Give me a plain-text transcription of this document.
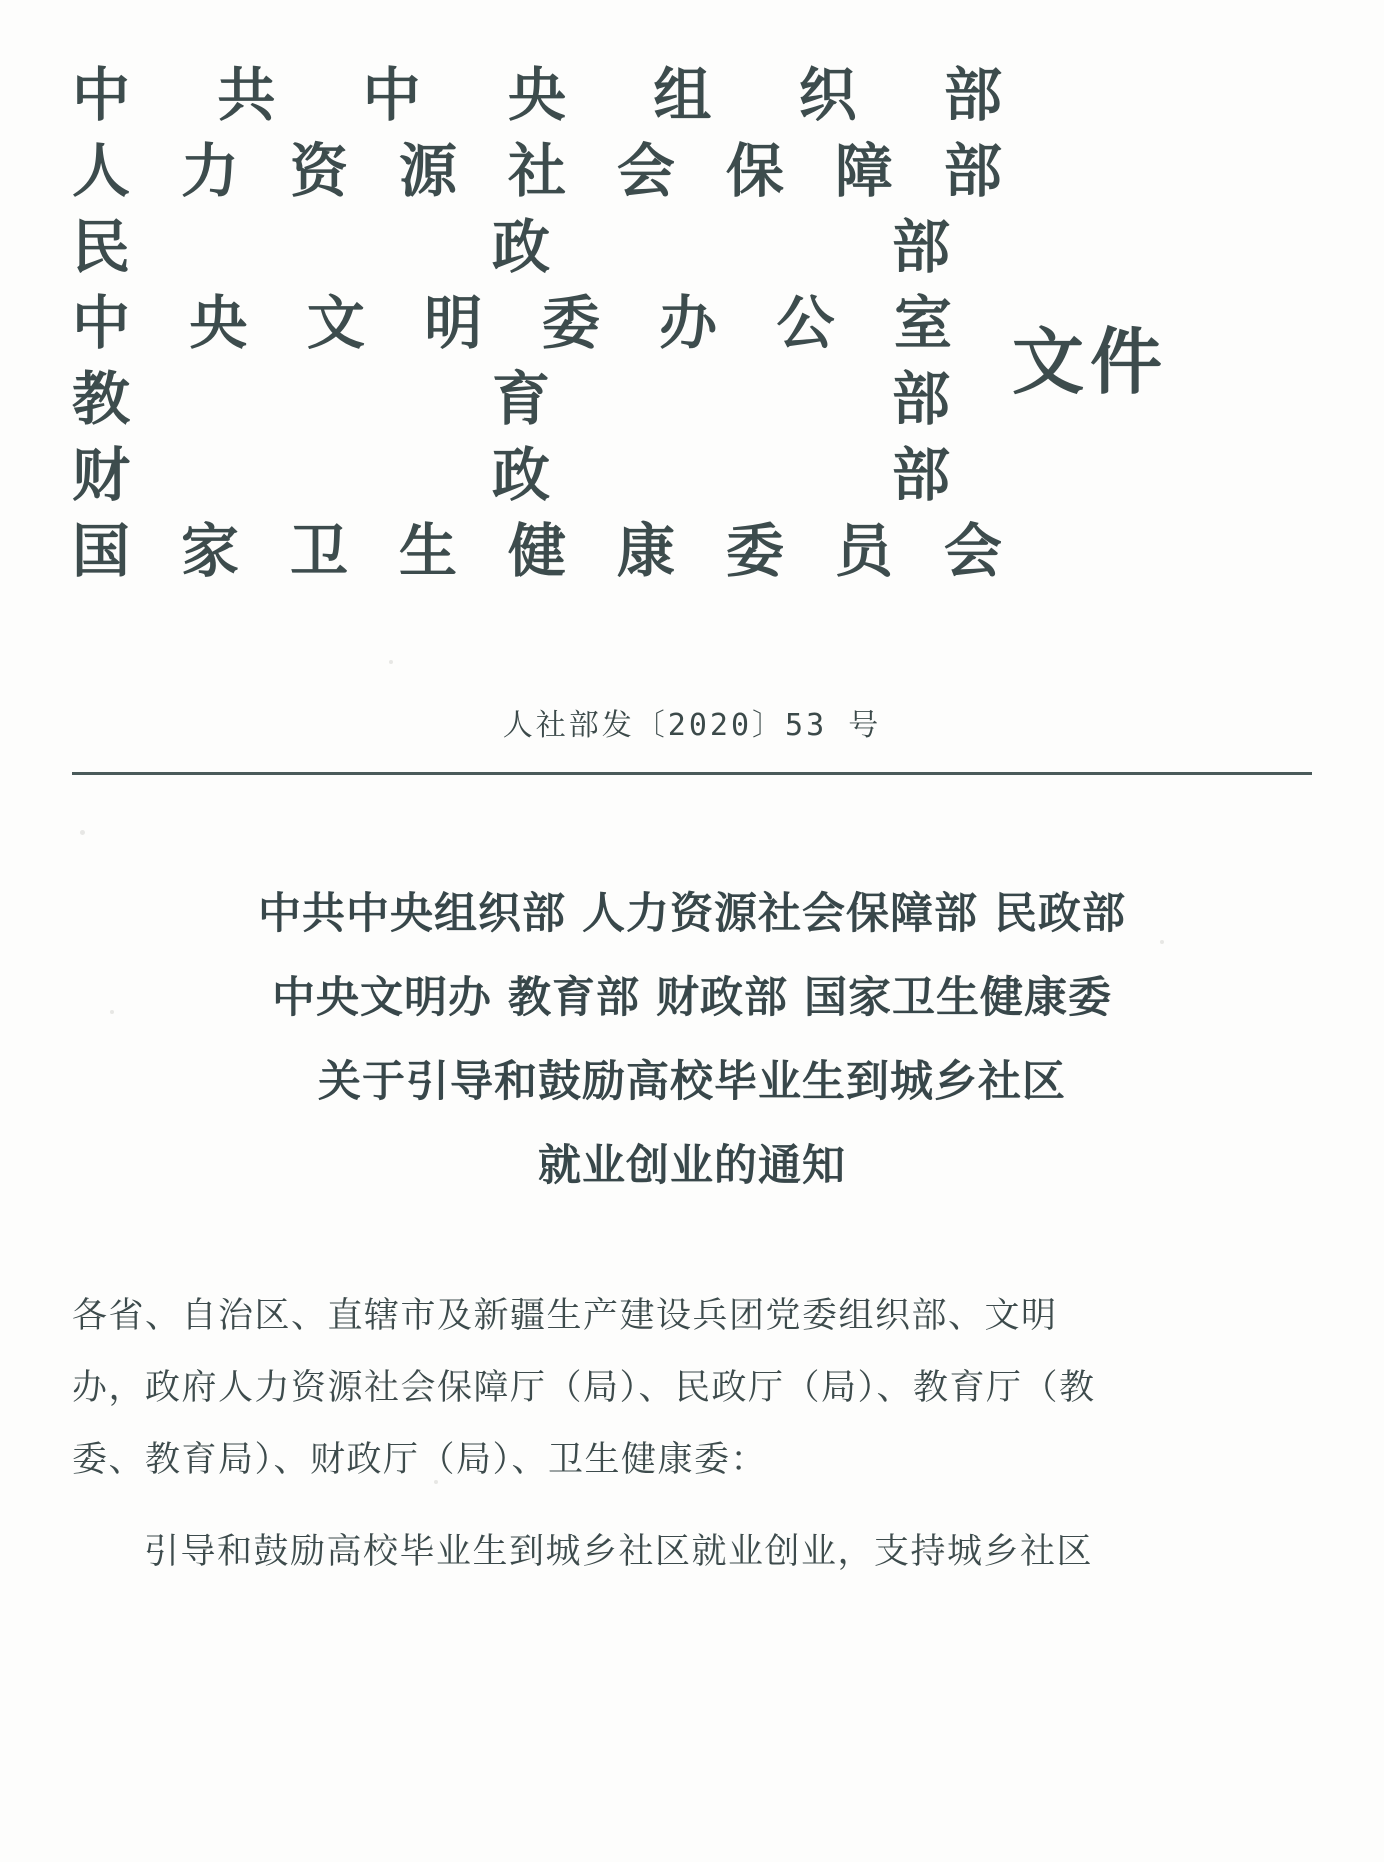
中 共 中 央 组 织 部
人 力 资 源 社 会 保 障 部
民	政	部
中 央 文 明 委 办 公 室
教	育	部
财	政	部
国 家 卫 生 健 康 委 员 会
文件
人社部发〔2020〕53 号
中共中央组织部 人力资源社会保障部 民政部
中央文明办 教育部 财政部 国家卫生健康委
关于引导和鼓励高校毕业生到城乡社区
就业创业的通知
各省、自治区、直辖市及新疆生产建设兵团党委组织部、文明
办，政府人力资源社会保障厅（局）、民政厅（局）、教育厅（教
委、教育局）、财政厅（局）、卫生健康委：
引导和鼓励高校毕业生到城乡社区就业创业，支持城乡社区
